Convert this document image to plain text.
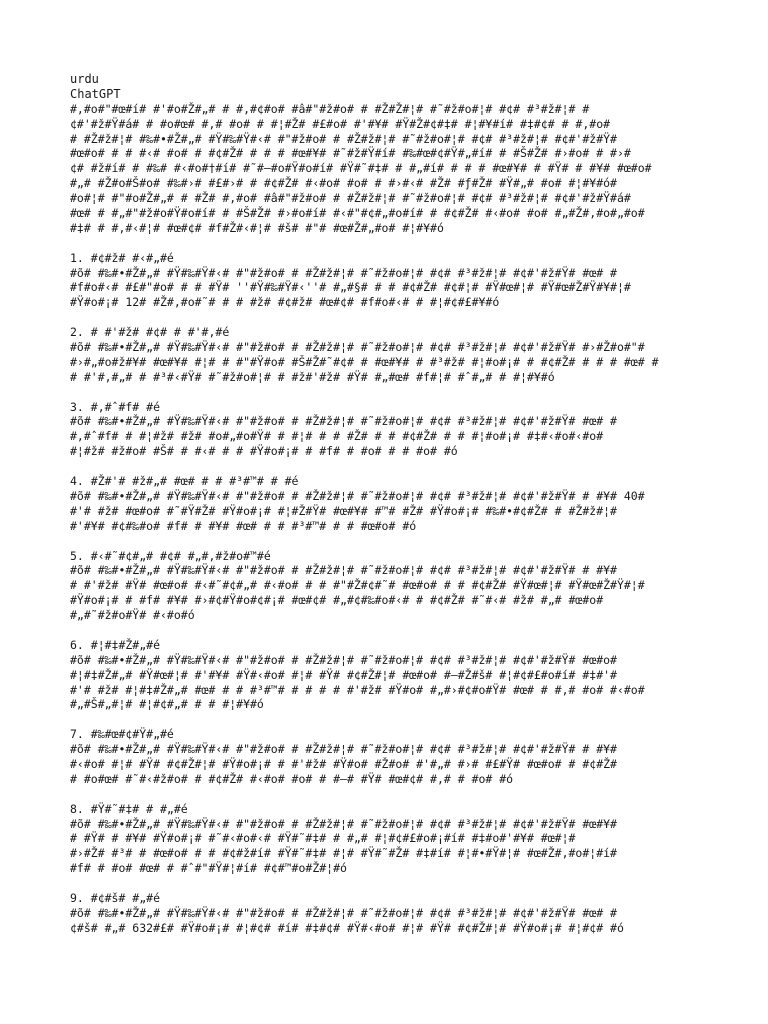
urdu
ChatGPT
#,#o#"#œ#í# #'#o#Ž#„# # #,#¢#o# #â#"#ž#o# # #Ž#Ž#¦# #˜#ž#o#¦# #¢# #³#ž#¦# #
¢#'#ž#Ÿ#á# # #o#œ# #,# #o# # #¦#Ž# #£#o# #'#¥# #Ÿ#Ž#¢#‡# #¦#¥#í# #‡#¢# # #,#o#
# #Ž#ž#¦# #‰#•#Ž#„# #Ÿ#‰#Ÿ#‹# #"#ž#o# # #Ž#ž#¦# #˜#ž#o#¦# #¢# #³#ž#¦# #¢#'#ž#Ÿ#
#œ#o# # # #‹# #o# # #¢#Ž# # # # #œ#¥# #˜#ž#Ÿ#í# #‰#œ#¢#Ÿ#„#í# # #Š#Ž# #›#o# # #›#
¢# #ž#í# # #‰# #‹#o#†#í# #˜#—#o#Ÿ#o#í# #Ÿ#˜#‡# # #„#í# # # # #œ#¥# # #Ÿ# # #¥# #œ#o#
#„# #Ž#o#Š#o# #‰#›# #£#›# # #¢#Ž# #‹#o# #o# # #›#‹# #Ž# #ƒ#Ž# #Ÿ#„# #o# #¦#¥#ó#
#o#¦# #"#o#Ž#„# # #Ž# #,#o# #â#"#ž#o# # #Ž#ž#¦# #˜#ž#o#¦# #¢# #³#ž#¦# #¢#'#ž#Ÿ#á#
#œ# # #„#"#ž#o#Ÿ#o#í# # #Š#Ž# #›#o#í# #‹#"#¢#„#o#í# # #¢#Ž# #‹#o# #o# #„#Ž#,#o#„#o#
#‡# # #,#‹#¦# #œ#¢# #f#Ž#‹#¦# #š# #"# #œ#Ž#„#o# #¦#¥#ó
1. #¢#ž# #‹#„#é
#õ# #‰#•#Ž#„# #Ÿ#‰#Ÿ#‹# #"#ž#o# # #Ž#ž#¦# #˜#ž#o#¦# #¢# #³#ž#¦# #¢#'#ž#Ÿ# #œ# #
#f#o#‹# #£#"#o# # # #Ÿ# ''#Ÿ#‰#Ÿ#‹''# #„#§# # # #¢#Ž# #¢#¦# #Ÿ#œ#¦# #Ÿ#œ#Ž#Ÿ#¥#¦#
#Ÿ#o#¡# 12# #Ž#,#o#˜# # # #ž# #¢#ž# #œ#¢# #f#o#‹# # #¦#¢#£#¥#ó
2. # #'#ž# #¢# # #'#,#é
#õ# #‰#•#Ž#„# #Ÿ#‰#Ÿ#‹# #"#ž#o# # #Ž#ž#¦# #˜#ž#o#¦# #¢# #³#ž#¦# #¢#'#ž#Ÿ# #›#Ž#o#"#
#›#„#o#ž#¥# #œ#¥# #¦# # #"#Ÿ#o# #Š#Ž#˜#¢# # #œ#¥# # #³#ž# #¦#o#¡# # #¢#Ž# # # # #œ# #
# #'#,#„# # #³#‹#Ÿ# #˜#ž#o#¦# # #ž#'#ž# #Ÿ# #„#œ# #f#¦# #ˆ#„# # #¦#¥#ó
3. #,#ˆ#f# #é
#õ# #‰#•#Ž#„# #Ÿ#‰#Ÿ#‹# #"#ž#o# # #Ž#ž#¦# #˜#ž#o#¦# #¢# #³#ž#¦# #¢#'#ž#Ÿ# #œ# #
#,#ˆ#f# # #¦#ž# #ž# #o#„#o#Ÿ# # #¦# # # #Ž# # # #¢#Ž# # # #¦#o#¡# #‡#‹#o#‹#o#
#¦#ž# #ž#o# #Š# # #‹# # # #Ÿ#o#¡# # #f# # #o# # # #o# #ó
4. #Ž#'# #ž#„# #œ# # # #³#™# # #é
#õ# #‰#•#Ž#„# #Ÿ#‰#Ÿ#‹# #"#ž#o# # #Ž#ž#¦# #˜#ž#o#¦# #¢# #³#ž#¦# #¢#'#ž#Ÿ# # #¥# 40#
#'# #ž# #œ#o# #˜#Ÿ#Ž# #Ÿ#o#¡# #¦#Ž#Ÿ# #œ#¥# #™# #Ž# #Ÿ#o#¡# #‰#•#¢#Ž# # #Ž#ž#¦#
#'#¥# #¢#‰#o# #f# # #¥# #œ# # # #³#™# # # #œ#o# #ó
5. #‹#˜#¢#„# #¢# #„#,#ž#o#™#é
#õ# #‰#•#Ž#„# #Ÿ#‰#Ÿ#‹# #"#ž#o# # #Ž#ž#¦# #˜#ž#o#¦# #¢# #³#ž#¦# #¢#'#ž#Ÿ# # #¥#
# #'#ž# #Ÿ# #œ#o# #‹#˜#¢#„# #‹#o# # # #"#Ž#¢#˜# #œ#o# # # #¢#Ž# #Ÿ#œ#¦# #Ÿ#œ#Ž#Ÿ#¦#
#Ÿ#o#¡# # #f# #¥# #›#¢#Ÿ#o#¢#¡# #œ#¢# #„#¢#‰#o#‹# # #¢#Ž# #˜#‹# #ž# #„# #œ#o#
#„#˜#ž#o#Ÿ# #‹#o#ó
6. #¦#‡#Ž#„#é
#õ# #‰#•#Ž#„# #Ÿ#‰#Ÿ#‹# #"#ž#o# # #Ž#ž#¦# #˜#ž#o#¦# #¢# #³#ž#¦# #¢#'#ž#Ÿ# #œ#o#
#¦#‡#Ž#„# #Ÿ#œ#¦# #'#¥# #Ÿ#‹#o# #¦# #Ÿ# #¢#Ž#¦# #œ#o# #–#Ž#š# #¦#¢#£#o#í# #‡#'#
#'# #ž# #¦#‡#Ž#„# #œ# # # #³#™# # # # # #'#ž# #Ÿ#o# #„#›#¢#o#Ÿ# #œ# # #,# #o# #‹#o#
#„#Š#„#¦# #¦#¢#„# # # #¦#¥#ó
7. #‰#œ#¢#Ÿ#„#é
#õ# #‰#•#Ž#„# #Ÿ#‰#Ÿ#‹# #"#ž#o# # #Ž#ž#¦# #˜#ž#o#¦# #¢# #³#ž#¦# #¢#'#ž#Ÿ# # #¥#
#‹#o# #¦# #Ÿ# #¢#Ž#¦# #Ÿ#o#¡# # #'#ž# #Ÿ#o# #Ž#o# #'#„# #›# #£#Ÿ# #œ#o# # #¢#Ž#
# #o#œ# #˜#‹#ž#o# # #¢#Ž# #‹#o# #o# # #—# #Ÿ# #œ#¢# #,# # #o# #ó
8. #Ÿ#˜#‡# # #„#é
#õ# #‰#•#Ž#„# #Ÿ#‰#Ÿ#‹# #"#ž#o# # #Ž#ž#¦# #˜#ž#o#¦# #¢# #³#ž#¦# #¢#'#ž#Ÿ# #œ#¥#
# #Ÿ# # #¥# #Ÿ#o#¡# #˜#‹#o#‹# #Ÿ#˜#‡# # #„# #¦#¢#£#o#¡#í# #‡#o#'#¥# #œ#¦#
#›#Ž# #³# # #œ#o# # # #¢#ž#í# #Ÿ#˜#‡# #¦# #Ÿ#˜#Ž# #‡#í# #¦#•#Ÿ#¦# #œ#Ž#,#o#¦#í#
#f# # #o# #œ# # #ˆ#"#Ÿ#¦#í# #¢#™#o#Ž#¦#ó
9. #¢#š# #„#é
#õ# #‰#•#Ž#„# #Ÿ#‰#Ÿ#‹# #"#ž#o# # #Ž#ž#¦# #˜#ž#o#¦# #¢# #³#ž#¦# #¢#'#ž#Ÿ# #œ# #
¢#š# #„# 632#£# #Ÿ#o#¡# #¦#¢# #í# #‡#¢# #Ÿ#‹#o# #¦# #Ÿ# #¢#Ž#¦# #Ÿ#o#¡# #¦#¢# #ó
